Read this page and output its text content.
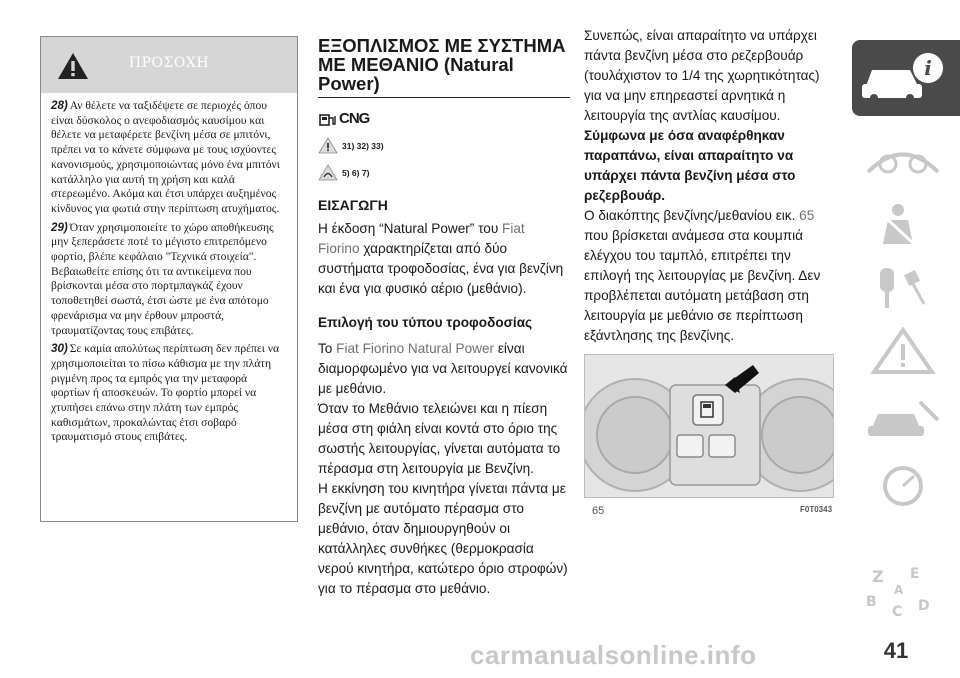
ΠΡΟΣΟΧΗ

28) Αν θέλετε να ταξιδέψετε σε περιοχές όπου είναι δύσκολος ο ανεφοδιασμός καυσίμου και θέλετε να μεταφέρετε βενζίνη μέσα σε μπιτόνι, πρέπει να το κάνετε σύμφωνα με τους ισχύοντες κανονισμούς, χρησιμοποιώντας μόνο ένα μπιτόνι κατάλληλο για αυτή τη χρήση και καλά στερεωμένο. Ακόμα και έτσι υπάρχει αυξημένος κίνδυνος για φωτιά στην περίπτωση ατυχήματος.

29) Όταν χρησιμοποιείτε το χώρο αποθήκευσης μην ξεπεράσετε ποτέ το μέγιστο επιτρεπόμενο φορτίο, βλέπε κεφάλαιο "Τεχνικά στοιχεία". Βεβαιωθείτε επίσης ότι τα αντικείμενα που βρίσκονται μέσα στο πορτμπαγκάζ έχουν τοποθετηθεί σωστά, έτσι ώστε με ένα απότομο φρενάρισμα να μην έρθουν μπροστά, τραυματίζοντας τους επιβάτες.

30) Σε καμία απολύτως περίπτωση δεν πρέπει να χρησιμοποιείται το πίσω κάθισμα με την πλάτη ριγμένη προς τα εμπρός για την μεταφορά φορτίων ή αποσκευών. Το φορτίο μπορεί να χτυπήσει επάνω στην πλάτη των εμπρός καθισμάτων, προκαλώντας έτσι σοβαρό τραυματισμό στους επιβάτες.

ΕΞΟΠΛΙΣΜΟΣ ΜΕ ΣΥΣΤΗΜΑ ΜΕ ΜΕΘΑΝΙΟ (Natural Power)
CNG
31) 32) 33)
5) 6) 7)
ΕΙΣΑΓΩΓΗ
Η έκδοση “Natural Power” του Fiat Fiorino χαρακτηρίζεται από δύο συστήματα τροφοδοσίας, ένα για βενζίνη και ένα για φυσικό αέριο (μεθάνιο).
Επιλογή του τύπου τροφοδοσίας
Το Fiat Fiorino Natural Power είναι διαμορφωμένο για να λειτουργεί κανονικά με μεθάνιο.
Όταν το Μεθάνιο τελειώνει και η πίεση μέσα στη φιάλη είναι κοντά στο όριο της σωστής λειτουργίας, γίνεται αυτόματα το πέρασμα στη λειτουργία με Βενζίνη.
Η εκκίνηση του κινητήρα γίνεται πάντα με βενζίνη με αυτόματο πέρασμα στο μεθάνιο, όταν δημιουργηθούν οι κατάλληλες συνθήκες (θερμοκρασία νερού κινητήρα, κατώτερο όριο στροφών) για το πέρασμα στο μεθάνιο.
Συνεπώς, είναι απαραίτητο να υπάρχει πάντα βενζίνη μέσα στο ρεζερβουάρ (τουλάχιστον το 1/4 της χωρητικότητας) για να μην επηρεαστεί αρνητικά η λειτουργία της αντλίας καυσίμου.
Σύμφωνα με όσα αναφέρθηκαν παραπάνω, είναι απαραίτητο να υπάρχει πάντα βενζίνη μέσα στο ρεζερβουάρ.
Ο διακόπτης βενζίνης/μεθανίου εικ. 65 που βρίσκεται ανάμεσα στα κουμπιά ελέγχου του ταμπλό, επιτρέπει την επιλογή της λειτουργίας με βενζίνη. Δεν προβλέπεται αυτόματη μετάβαση στη λειτουργία με μεθάνιο σε περίπτωση εξάντλησης της βενζίνης.
65	F0T0343
i
Z E
B
C D
A
41
carmanualsonline.info
